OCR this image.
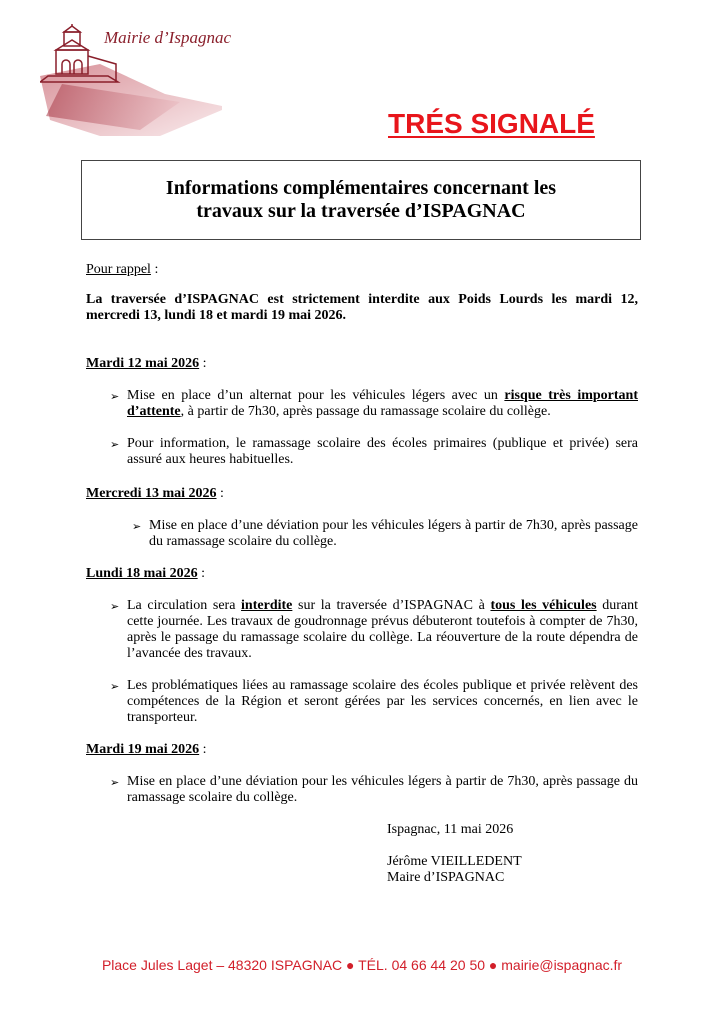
Mairie d’Ispagnac
TRÉS SIGNALÉ
Informations complémentaires concernant les
travaux sur la traversée d’ISPAGNAC
Pour rappel :
La traversée d’ISPAGNAC est strictement interdite aux Poids Lourds les mardi 12, mercredi 13, lundi 18 et mardi 19 mai 2026.
Mardi 12 mai 2026 :
➢ Mise en place d’un alternat pour les véhicules légers avec un risque très important d’attente, à partir de 7h30, après passage du ramassage scolaire du collège.
➢ Pour information, le ramassage scolaire des écoles primaires (publique et privée) sera assuré aux heures habituelles.
Mercredi 13 mai 2026 :
➢ Mise en place d’une déviation pour les véhicules légers à partir de 7h30, après passage du ramassage scolaire du collège.
Lundi 18 mai 2026 :
➢ La circulation sera interdite sur la traversée d’ISPAGNAC à tous les véhicules durant cette journée. Les travaux de goudronnage prévus débuteront toutefois à compter de 7h30, après le passage du ramassage scolaire du collège. La réouverture de la route dépendra de l’avancée des travaux.
➢ Les problématiques liées au ramassage scolaire des écoles publique et privée relèvent des compétences de la Région et seront gérées par les services concernés, en lien avec le transporteur.
Mardi 19 mai 2026 :
➢ Mise en place d’une déviation pour les véhicules légers à partir de 7h30, après passage du ramassage scolaire du collège.
Ispagnac, 11 mai 2026
Jérôme VIEILLEDENT
Maire d’ISPAGNAC
Place Jules Laget – 48320 ISPAGNAC ● TÉL. 04 66 44 20 50 ● mairie@ispagnac.fr
